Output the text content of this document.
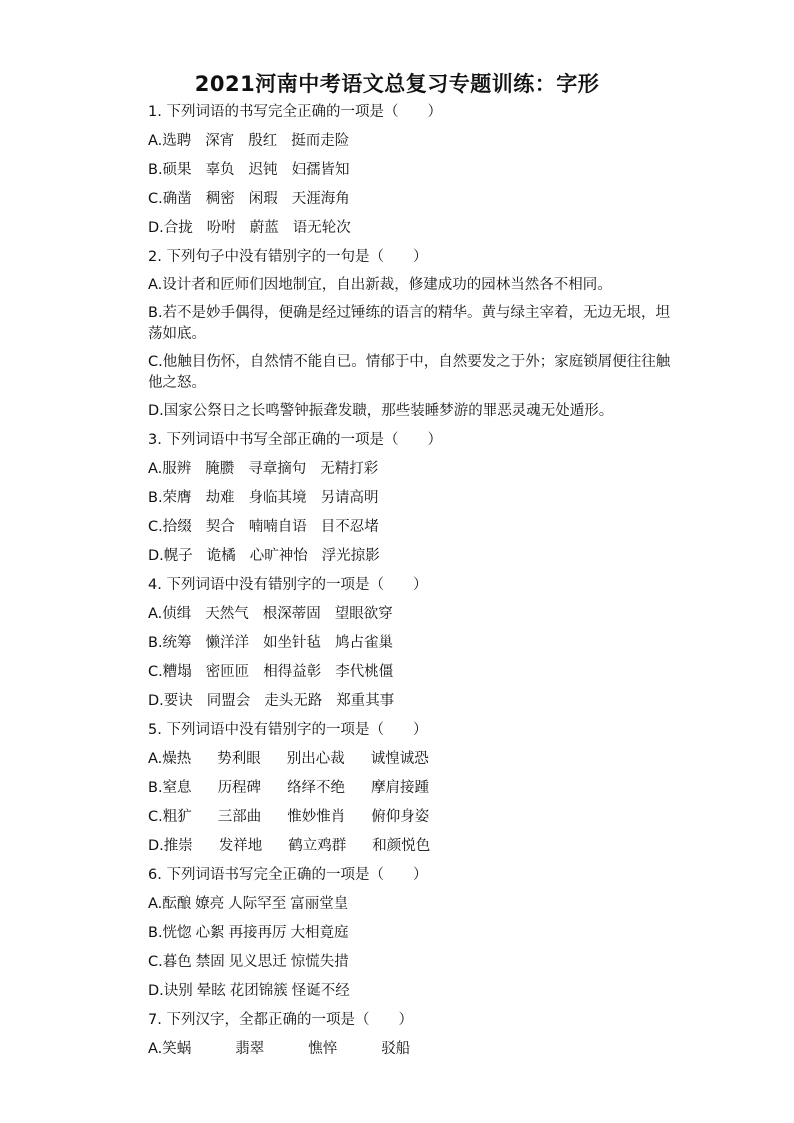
2021河南中考语文总复习专题训练：字形
1. 下列词语的书写完全正确的一项是（　　）
A.选聘 深宵 殷红 挺而走险
B.硕果 辜负 迟钝 妇孺皆知
C.确凿 稠密 闲瑕 天涯海角
D.合拢 吩咐 蔚蓝 语无轮次
2. 下列句子中没有错别字的一句是（　　）
A.设计者和匠师们因地制宜，自出新裁，修建成功的园林当然各不相同。
B.若不是妙手偶得，便确是经过锤练的语言的精华。黄与绿主宰着，无边无垠，坦荡如底。
C.他触目伤怀，自然情不能自已。情郁于中，自然要发之于外；家庭锁屑便往往触他之怒。
D.国家公祭日之长鸣警钟振聋发聩，那些装睡梦游的罪恶灵魂无处遁形。
3. 下列词语中书写全部正确的一项是（　　）
A.服辨 腌臜 寻章摘句 无精打彩
B.荣膺 劫难 身临其境 另请高明
C.拾缀 契合 喃喃自语 目不忍堵
D.幌子 诡橘 心旷神怡 浮光掠影
4. 下列词语中没有错别字的一项是（　　）
A.侦缉 天然气 根深蒂固 望眼欲穿
B.统筹 懒洋洋 如坐针毡 鸠占雀巢
C.糟塌 密匝匝 相得益彰 李代桃僵
D.要诀 同盟会 走头无路 郑重其事
5. 下列词语中没有错别字的一项是（　　）
A.燥热 势利眼 别出心裁 诚惶诚恐
B.窒息 历程碑 络绎不绝 摩肩接踵
C.粗犷 三部曲 惟妙惟肖 俯仰身姿
D.推崇 发祥地 鹤立鸡群 和颜悦色
6. 下列词语书写完全正确的一项是（　　）
A.酝酿 嫽亮 人际罕至 富丽堂皇
B.恍惚 心絮 再接再厉 大相竟庭
C.暮色 禁固 见义思迁 惊慌失措
D.诀别 晕眩 花团锦簇 怪诞不经
7. 下列汉字，全都正确的一项是（　　）
A.笑蜗	翡翠	憔悴	驳船
